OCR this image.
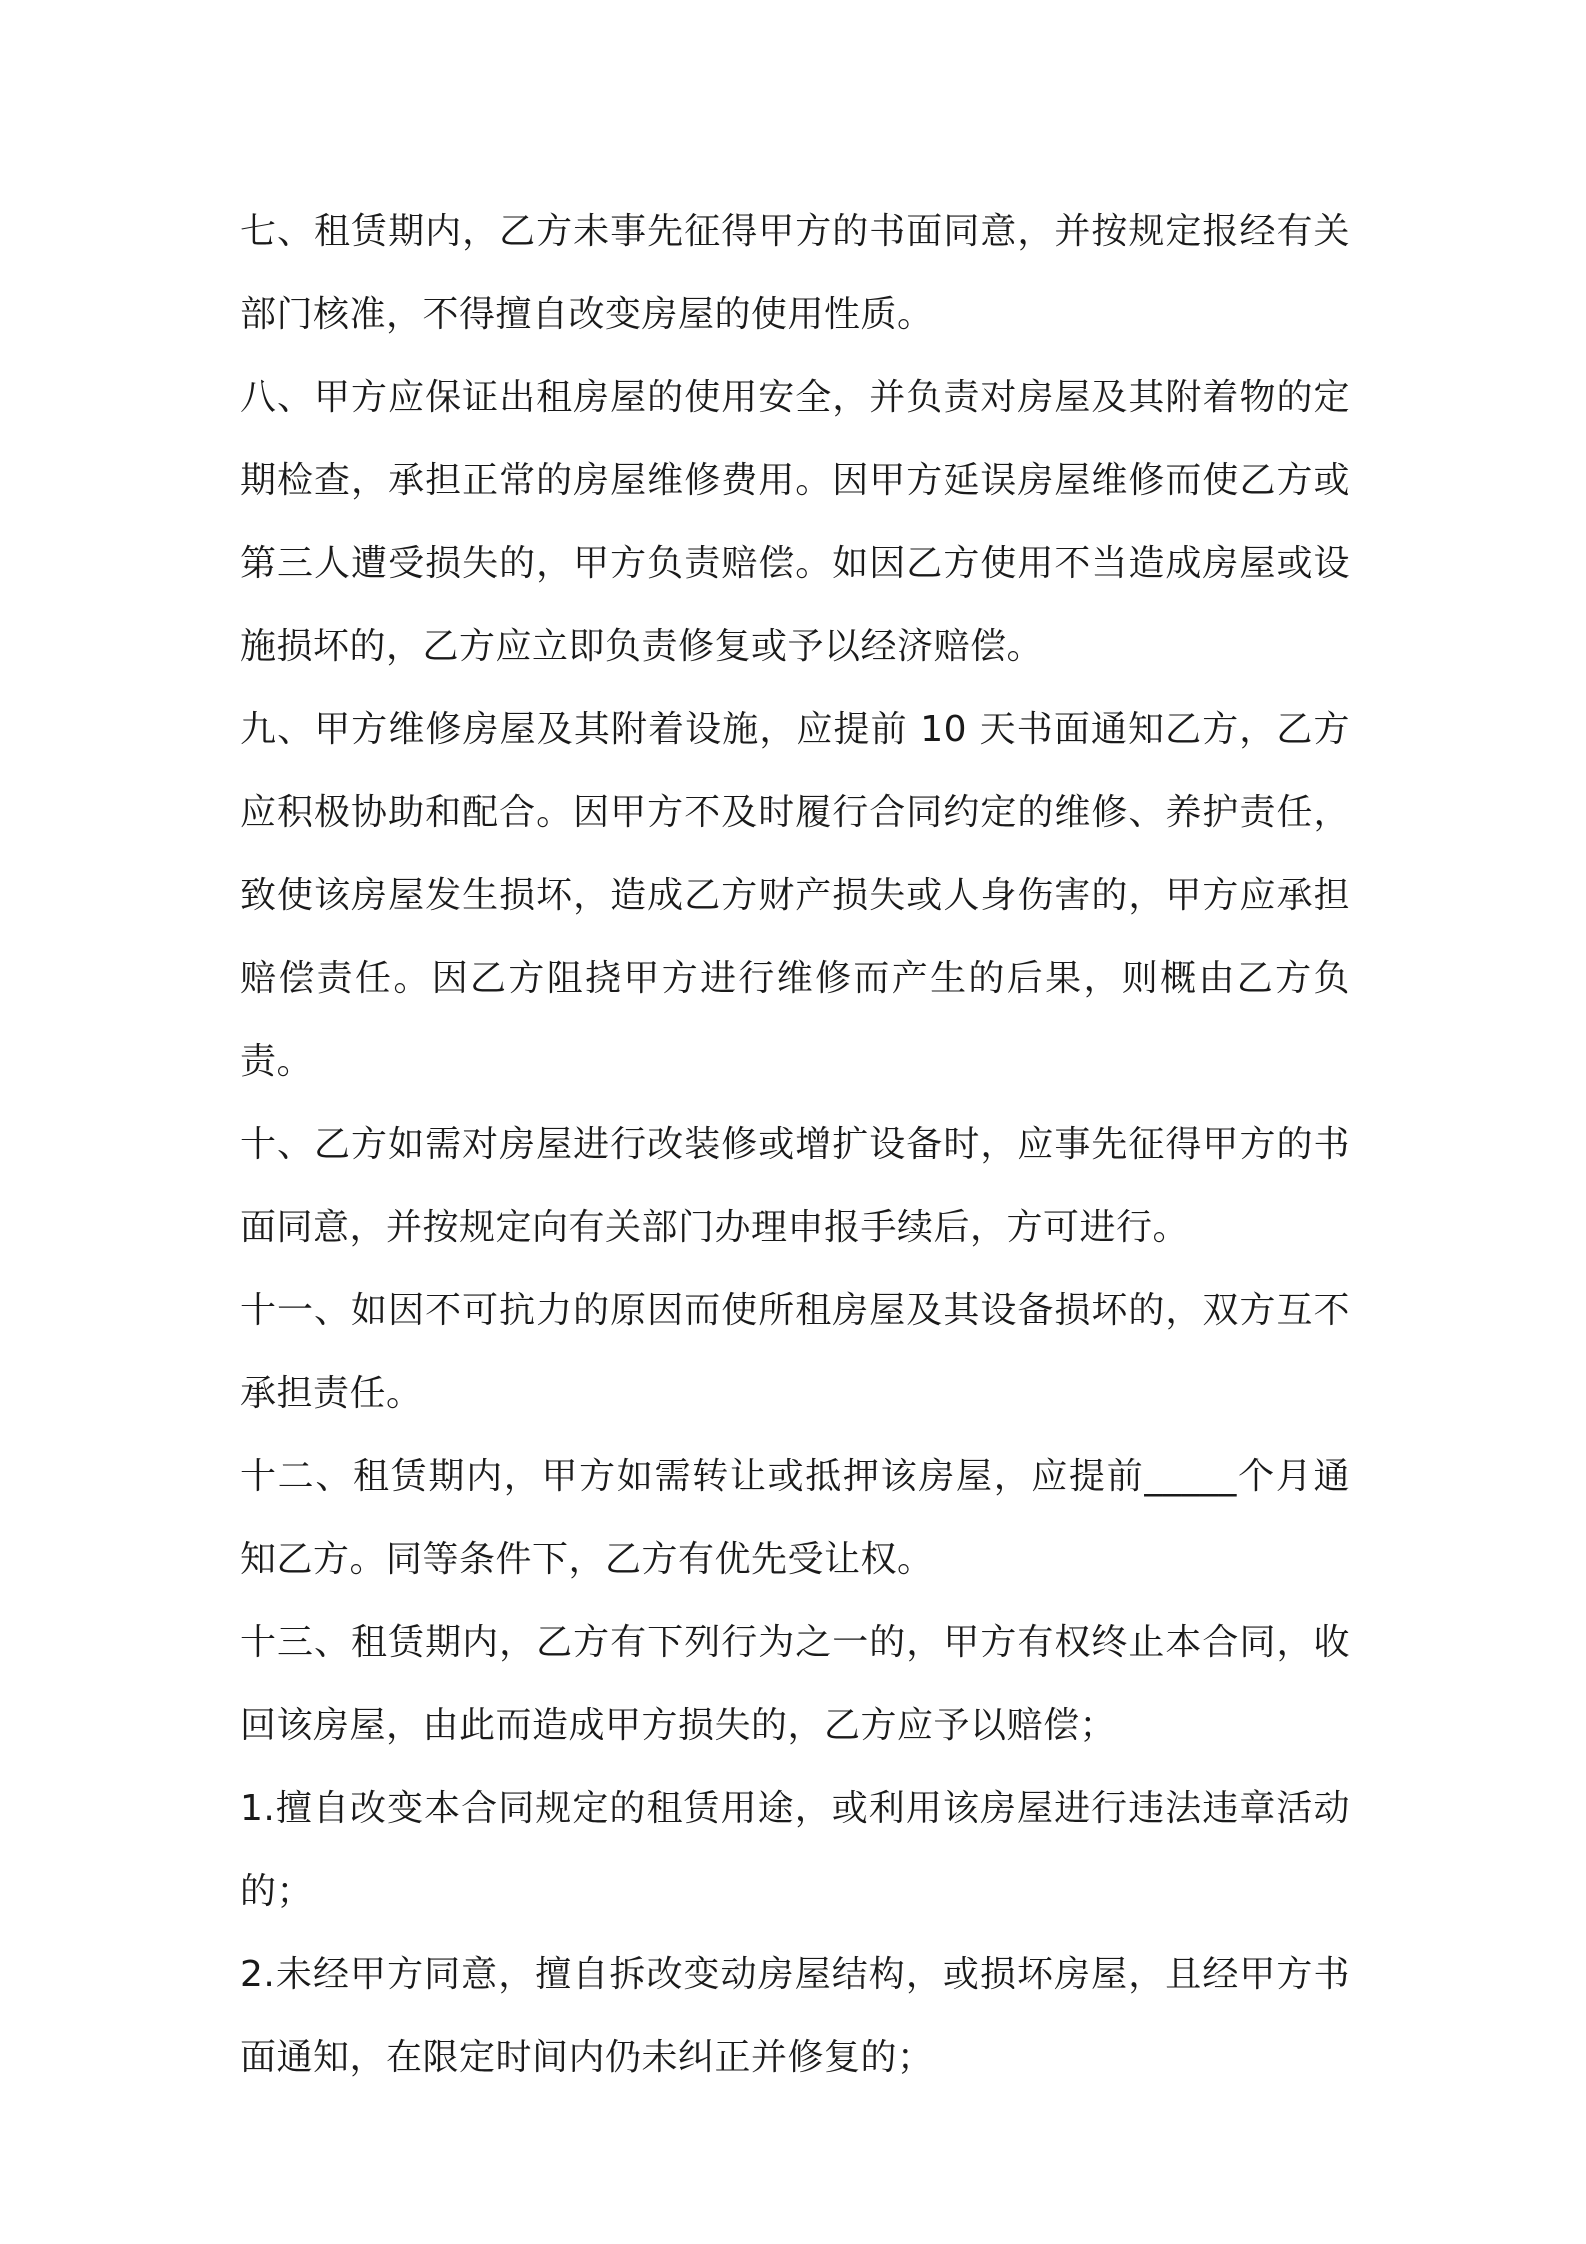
七、租赁期内，乙方未事先征得甲方的书面同意，并按规定报经有关部门核准，不得擅自改变房屋的使用性质。

八、甲方应保证出租房屋的使用安全，并负责对房屋及其附着物的定期检查，承担正常的房屋维修费用。因甲方延误房屋维修而使乙方或第三人遭受损失的，甲方负责赔偿。如因乙方使用不当造成房屋或设施损坏的，乙方应立即负责修复或予以经济赔偿。

九、甲方维修房屋及其附着设施，应提前 10 天书面通知乙方，乙方应积极协助和配合。因甲方不及时履行合同约定的维修、养护责任，致使该房屋发生损坏，造成乙方财产损失或人身伤害的，甲方应承担赔偿责任。因乙方阻挠甲方进行维修而产生的后果，则概由乙方负责。

十、乙方如需对房屋进行改装修或增扩设备时，应事先征得甲方的书面同意，并按规定向有关部门办理申报手续后，方可进行。

十一、如因不可抗力的原因而使所租房屋及其设备损坏的，双方互不承担责任。

十二、租赁期内，甲方如需转让或抵押该房屋，应提前_____个月通知乙方。同等条件下，乙方有优先受让权。

十三、租赁期内，乙方有下列行为之一的，甲方有权终止本合同，收回该房屋，由此而造成甲方损失的，乙方应予以赔偿；

1.擅自改变本合同规定的租赁用途，或利用该房屋进行违法违章活动的；

2.未经甲方同意，擅自拆改变动房屋结构，或损坏房屋，且经甲方书面通知，在限定时间内仍未纠正并修复的；
